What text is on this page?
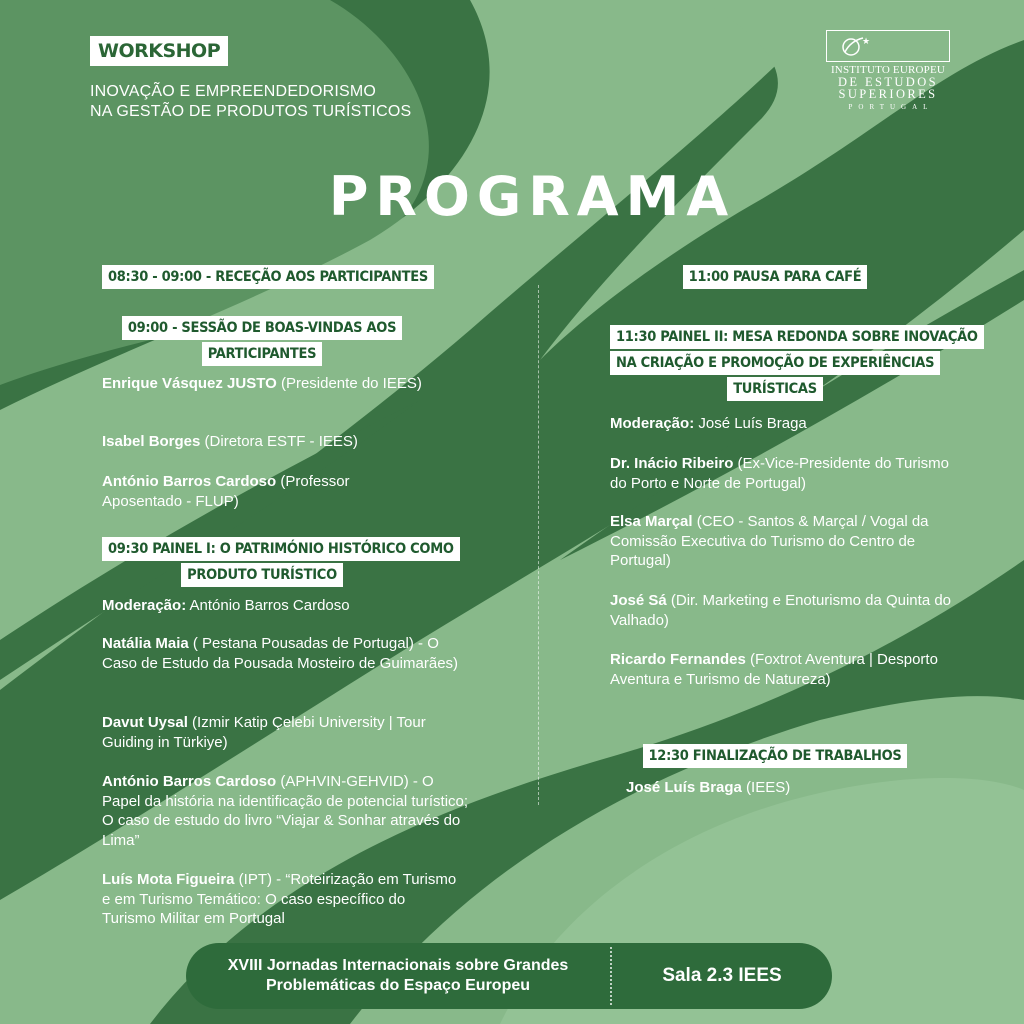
WORKSHOP
INOVAÇÃO E EMPREENDEDORISMO
NA GESTÃO DE PRODUTOS TURÍSTICOS
★
INSTITUTO EUROPEU
DE ESTUDOS
SUPERIORES
PORTUGAL
PROGRAMA
08:30 - 09:00 - RECEÇÃO AOS PARTICIPANTES
09:00 - SESSÃO DE BOAS-VINDAS AOS
PARTICIPANTES
Enrique Vásquez JUSTO (Presidente do IEES)
Isabel Borges (Diretora ESTF - IEES)
António Barros Cardoso (Professor Aposentado - FLUP)
09:30 PAINEL I: O PATRIMÓNIO HISTÓRICO COMO
PRODUTO TURÍSTICO
Moderação: António Barros Cardoso
Natália Maia ( Pestana Pousadas de Portugal) - O Caso de Estudo da Pousada Mosteiro de Guimarães)
Davut Uysal (Izmir Katip Çelebi University | Tour Guiding in Türkiye)
António Barros Cardoso (APHVIN-GEHVID) - O Papel da história na identificação de potencial turístico; O caso de estudo do livro “Viajar & Sonhar através do Lima”
Luís Mota Figueira (IPT) - “Roteirização em Turismo e em Turismo Temático: O caso específico do Turismo Militar em Portugal
11:00 PAUSA PARA CAFÉ
11:30 PAINEL II: MESA REDONDA SOBRE INOVAÇÃO
NA CRIAÇÃO E PROMOÇÃO DE EXPERIÊNCIAS
TURÍSTICAS
Moderação: José Luís Braga
Dr. Inácio Ribeiro (Ex-Vice-Presidente do Turismo do Porto e Norte de Portugal)
Elsa Marçal (CEO - Santos & Marçal / Vogal da Comissão Executiva do Turismo do Centro de Portugal)
José Sá (Dir. Marketing e Enoturismo da Quinta do Valhado)
Ricardo Fernandes (Foxtrot Aventura | Desporto Aventura e Turismo de Natureza)
12:30 FINALIZAÇÃO DE TRABALHOS
José Luís Braga (IEES)
XVIII Jornadas Internacionais sobre Grandes
Problemáticas do Espaço Europeu	Sala 2.3 IEES
